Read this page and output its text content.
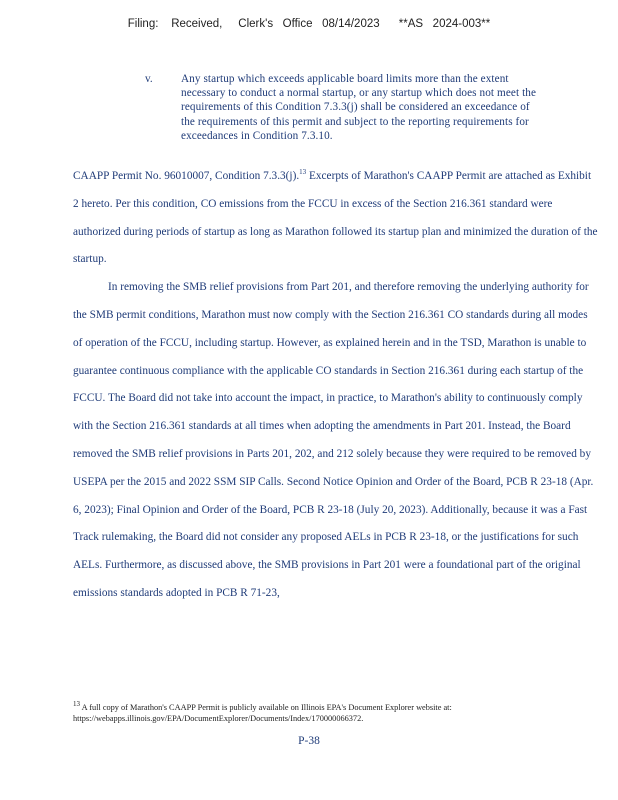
Filing:    Received,     Clerk's   Office   08/14/2023      **AS   2024-003**
v.	Any startup which exceeds applicable board limits more than the extent necessary to conduct a normal startup, or any startup which does not meet the requirements of this Condition 7.3.3(j) shall be considered an exceedance of the requirements of this permit and subject to the reporting requirements for exceedances in Condition 7.3.10.

CAAPP Permit No. 96010007, Condition 7.3.3(j).$^{13}$ Excerpts of Marathon's CAAPP Permit are attached as Exhibit 2 hereto. Per this condition, CO emissions from the FCCU in excess of the Section 216.361 standard were authorized during periods of startup as long as Marathon followed its startup plan and minimized the duration of the startup.

In removing the SMB relief provisions from Part 201, and therefore removing the underlying authority for the SMB permit conditions, Marathon must now comply with the Section 216.361 CO standards during all modes of operation of the FCCU, including startup. However, as explained herein and in the TSD, Marathon is unable to guarantee continuous compliance with the applicable CO standards in Section 216.361 during each startup of the FCCU. The Board did not take into account the impact, in practice, to Marathon's ability to continuously comply with the Section 216.361 standards at all times when adopting the amendments in Part 201. Instead, the Board removed the SMB relief provisions in Parts 201, 202, and 212 solely because they were required to be removed by USEPA per the 2015 and 2022 SSM SIP Calls. Second Notice Opinion and Order of the Board, PCB R 23-18 (Apr. 6, 2023); Final Opinion and Order of the Board, PCB R 23-18 (July 20, 2023). Additionally, because it was a Fast Track rulemaking, the Board did not consider any proposed AELs in PCB R 23-18, or the justifications for such AELs. Furthermore, as discussed above, the SMB provisions in Part 201 were a foundational part of the original emissions standards adopted in PCB R 71-23,

$^{13}$ A full copy of Marathon's CAAPP Permit is publicly available on Illinois EPA's Document Explorer website at: https://webapps.illinois.gov/EPA/DocumentExplorer/Documents/Index/170000066372.
P-38
